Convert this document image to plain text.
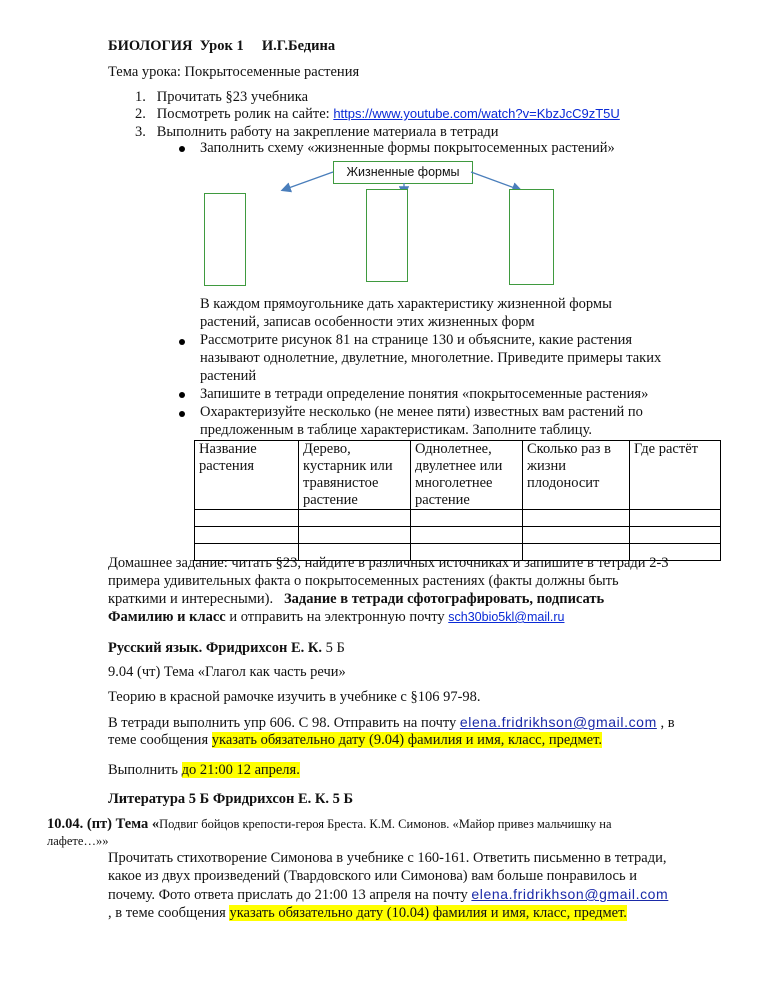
БИОЛОГИЯ Урок 1 И.Г.Бедина
Тема урока: Покрытосеменные растения
1. Прочитать §23 учебника
2. Посмотреть ролик на сайте: https://www.youtube.com/watch?v=KbzJcC9zT5U
3. Выполнить работу на закрепление материала в тетради
Заполнить схему «жизненные формы покрытосеменных растений»
Жизненные формы
В каждом прямоугольнике дать характеристику жизненной формы
растений, записав особенности этих жизненных форм
Рассмотрите рисунок 81 на странице 130 и объясните, какие растения
называют однолетние, двулетние, многолетние. Приведите примеры таких
растений
Запишите в тетради определение понятия «покрытосеменные растения»
Охарактеризуйте несколько (не менее пяти) известных вам растений по
предложенным в таблице характеристикам. Заполните таблицу.
Название
растения	Дерево,
кустарник или
травянистое
растение	Однолетнее,
двулетнее или
многолетнее
растение	Сколько раз в
жизни
плодоносит	Где растёт

Домашнее задание: читать §23, найдите в различных источниках и запишите в тетради 2-3
примера удивительных факта о покрытосеменных растениях (факты должны быть
краткими и интересными). Задание в тетради сфотографировать, подписать
Фамилию и класс и отправить на электронную почту sch30bio5kl@mail.ru
Русский язык. Фридрихсон Е. К. 5 Б
9.04 (чт) Тема «Глагол как часть речи»
Теорию в красной рамочке изучить в учебнике с §106 97-98.
В тетради выполнить упр 606. С 98. Отправить на почту elena.fridrikhson@gmail.com , в
теме сообщения указать обязательно дату (9.04) фамилия и имя, класс, предмет.
Выполнить до 21:00 12 апреля.
Литература 5 Б Фридрихсон Е. К. 5 Б
10.04. (пт) Тема «Подвиг бойцов крепости-героя Бреста. К.М. Симонов. «Майор привез мальчишку на
лафете…»»
Прочитать стихотворение Симонова в учебнике с 160-161. Ответить письменно в тетради,
какое из двух произведений (Твардовского или Симонова) вам больше понравилось и
почему. Фото ответа прислать до 21:00 13 апреля на почту elena.fridrikhson@gmail.com
, в теме сообщения указать обязательно дату (10.04) фамилия и имя, класс, предмет.
